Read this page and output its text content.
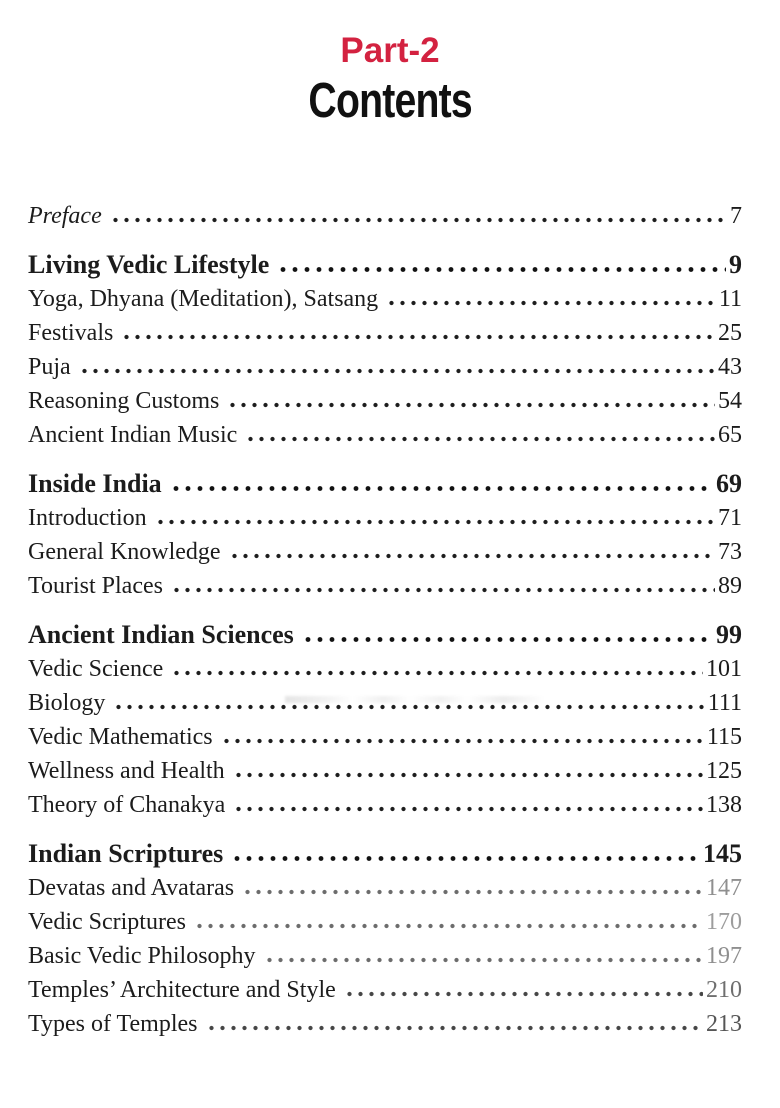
Part-2
Contents
Preface	7
Living Vedic Lifestyle	9
Yoga, Dhyana (Meditation), Satsang	11
Festivals	25
Puja	43
Reasoning Customs	54
Ancient Indian Music	65
Inside India	69
Introduction	71
General Knowledge	73
Tourist Places	89
Ancient Indian Sciences	99
Vedic Science	101
Biology	111
Vedic Mathematics	115
Wellness and Health	125
Theory of Chanakya	138
Indian Scriptures	145
Devatas and Avataras	147
Vedic Scriptures	170
Basic Vedic Philosophy	197
Temples’ Architecture and Style	210
Types of Temples	213
